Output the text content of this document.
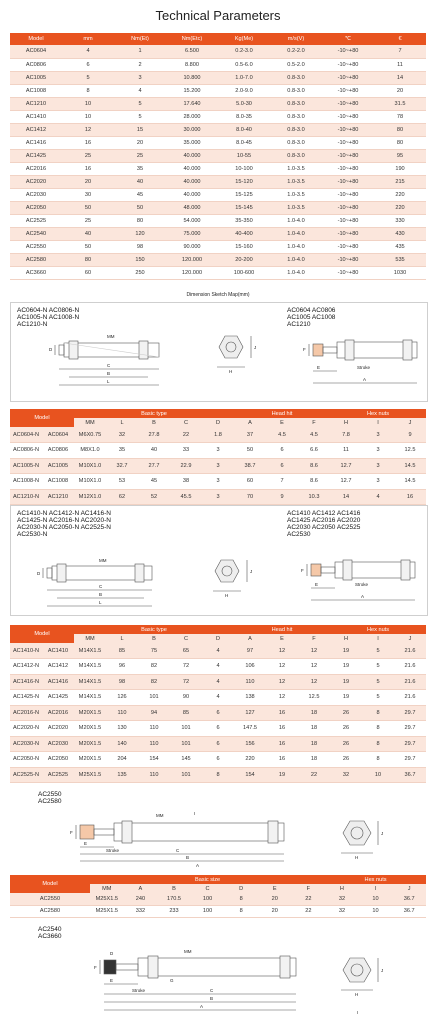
Technical Parameters
Model	mm	Nm(Et)	Nm(Etc)	Kg(Me)	m/s(V)	℃	€
AC0604	4	1	6.500	0.2-3.0	0.2-2.0	-10~+80	7
AC0806	6	2	8.800	0.5-6.0	0.5-2.0	-10~+80	11
AC1005	5	3	10.800	1.0-7.0	0.8-3.0	-10~+80	14
AC1008	8	4	15.200	2.0-9.0	0.8-3.0	-10~+80	20
AC1210	10	5	17.640	5.0-30	0.8-3.0	-10~+80	31.5
AC1410	10	5	28.000	8.0-35	0.8-3.0	-10~+80	78
AC1412	12	15	30.000	8.0-40	0.8-3.0	-10~+80	80
AC1416	16	20	35.000	8.0-45	0.8-3.0	-10~+80	80
AC1425	25	25	40.000	10-55	0.8-3.0	-10~+80	95
AC2016	16	35	40.000	10-100	1.0-3.5	-10~+80	190
AC2020	20	40	40.000	15-120	1.0-3.5	-10~+80	215
AC2030	30	45	40.000	15-125	1.0-3.5	-10~+80	220
AC2050	50	50	48.000	15-145	1.0-3.5	-10~+80	220
AC2525	25	80	54.000	35-350	1.0-4.0	-10~+80	330
AC2540	40	120	75.000	40-400	1.0-4.0	-10~+80	430
AC2550	50	98	90.000	15-160	1.0-4.0	-10~+80	435
AC2580	80	150	120.000	20-200	1.0-4.0	-10~+80	535
AC3660	60	250	120.000	100-600	1.0-4.0	-10~+80	1030
Dimension Sketch Map(mm)
AC0604-N AC0806-N
AC1005-N AC1008-N
AC1210-N
AC0604 AC0806
AC1005 AC1008
AC1210
MM
D
C
B
L
J
H
F
E	Stroke
A
Model		Basic type					Head hit			Hex nuts		
		MM	L	B	C	D	A	E	F	H	I	J
AC0604-N	AC0604	M6X0.75	32	27.8	22	1.8	37	4.5	4.5	7.8	3	9
AC0806-N	AC0806	M8X1.0	35	40	33	3	50	6	6.6	11	3	12.5
AC1005-N	AC1005	M10X1.0	32.7	27.7	22.9	3	38.7	6	8.6	12.7	3	14.5
AC1008-N	AC1008	M10X1.0	53	45	38	3	60	7	8.6	12.7	3	14.5
AC1210-N	AC1210	M12X1.0	62	52	45.5	3	70	9	10.3	14	4	16
AC1410-N AC1412-N AC1416-N
AC1425-N AC2016-N AC2020-N
AC2030-N AC2050-N AC2525-N
AC2530-N
AC1410 AC1412 AC1416
AC1425 AC2016 AC2020
AC2030 AC2050 AC2525
AC2530
MM
D
C
B
L
J
H
F
E	Stroke
A
Model		Basic type					Head hit			Hex nuts		
		MM	L	B	C	D	A	E	F	H	I	J
AC1410-N	AC1410	M14X1.5	85	75	65	4	97	12	12	19	5	21.6
AC1412-N	AC1412	M14X1.5	96	82	72	4	106	12	12	19	5	21.6
AC1416-N	AC1416	M14X1.5	98	82	72	4	110	12	12	19	5	21.6
AC1425-N	AC1425	M14X1.5	126	101	90	4	138	12	12.5	19	5	21.6
AC2016-N	AC2016	M20X1.5	110	94	85	6	127	16	18	26	8	29.7
AC2020-N	AC2020	M20X1.5	130	110	101	6	147.5	16	18	26	8	29.7
AC2030-N	AC2030	M20X1.5	140	110	101	6	156	16	18	26	8	29.7
AC2050-N	AC2050	M20X1.5	204	154	145	6	220	16	18	26	8	29.7
AC2525-N	AC2525	M25X1.5	135	110	101	8	154	19	22	32	10	36.7

AC2550
AC2580
MM	I
F
E
Stroke	C
B
A
J
H
Model	Basic size							Hex nuts		
	MM	A	B	C	D	E	F	H	I	J
AC2550	M25X1.5	240	170.5	100	8	20	22	32	10	36.7
AC2580	M25X1.5	332	233	100	8	20	22	32	10	36.7
AC2540
AC3660
D	MM
G
F
E
Stroke	C
B
A
J
H
I
